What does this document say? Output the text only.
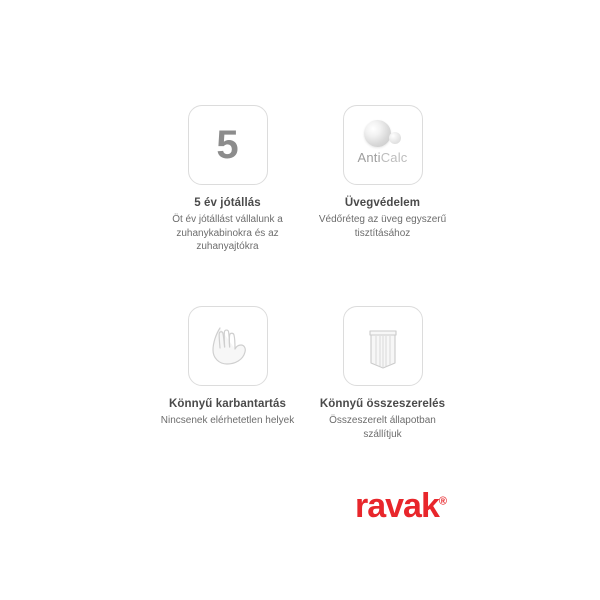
5
5 év jótállás
Öt év jótállást vállalunk a zuhanykabinokra és az zuhanyajtókra
AntiCalc
Üvegvédelem
Védőréteg az üveg egyszerű tisztításához
Könnyű karbantartás
Nincsenek elérhetetlen helyek
Könnyű összeszerelés
Összeszerelt állapotban szállítjuk
ravak®
